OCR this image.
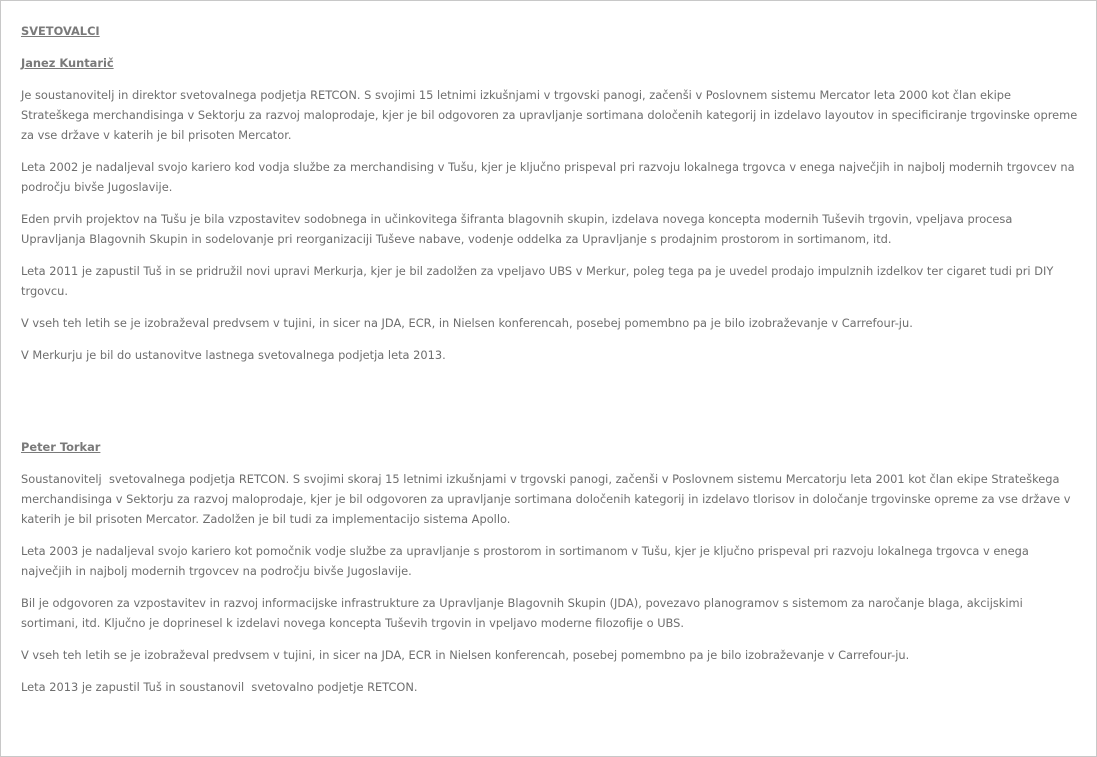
SVETOVALCI

Janez Kuntarič

Je soustanovitelj in direktor svetovalnega podjetja RETCON. S svojimi 15 letnimi izkušnjami v trgovski panogi, začenši v Poslovnem sistemu Mercator leta 2000 kot član ekipe Strateškega merchandisinga v Sektorju za razvoj maloprodaje, kjer je bil odgovoren za upravljanje sortimana določenih kategorij in izdelavo layoutov in specificiranje trgovinske opreme za vse države v katerih je bil prisoten Mercator.

Leta 2002 je nadaljeval svojo kariero kod vodja službe za merchandising v Tušu, kjer je ključno prispeval pri razvoju lokalnega trgovca v enega največjih in najbolj modernih trgovcev na področju bivše Jugoslavije.

Eden prvih projektov na Tušu je bila vzpostavitev sodobnega in učinkovitega šifranta blagovnih skupin, izdelava novega koncepta modernih Tuševih trgovin, vpeljava procesa Upravljanja Blagovnih Skupin in sodelovanje pri reorganizaciji Tuševe nabave, vodenje oddelka za Upravljanje s prodajnim prostorom in sortimanom, itd.

Leta 2011 je zapustil Tuš in se pridružil novi upravi Merkurja, kjer je bil zadolžen za vpeljavo UBS v Merkur, poleg tega pa je uvedel prodajo impulznih izdelkov ter cigaret tudi pri DIY trgovcu.

V vseh teh letih se je izobraževal predvsem v tujini, in sicer na JDA, ECR, in Nielsen konferencah, posebej pomembno pa je bilo izobraževanje v Carrefour-ju.

V Merkurju je bil do ustanovitve lastnega svetovalnega podjetja leta 2013.

Peter Torkar

Soustanovitelj  svetovalnega podjetja RETCON. S svojimi skoraj 15 letnimi izkušnjami v trgovski panogi, začenši v Poslovnem sistemu Mercatorju leta 2001 kot član ekipe Strateškega merchandisinga v Sektorju za razvoj maloprodaje, kjer je bil odgovoren za upravljanje sortimana določenih kategorij in izdelavo tlorisov in določanje trgovinske opreme za vse države v katerih je bil prisoten Mercator. Zadolžen je bil tudi za implementacijo sistema Apollo.

Leta 2003 je nadaljeval svojo kariero kot pomočnik vodje službe za upravljanje s prostorom in sortimanom v Tušu, kjer je ključno prispeval pri razvoju lokalnega trgovca v enega največjih in najbolj modernih trgovcev na področju bivše Jugoslavije.

Bil je odgovoren za vzpostavitev in razvoj informacijske infrastrukture za Upravljanje Blagovnih Skupin (JDA), povezavo planogramov s sistemom za naročanje blaga, akcijskimi sortimani, itd. Ključno je doprinesel k izdelavi novega koncepta Tuševih trgovin in vpeljavo moderne filozofije o UBS.

V vseh teh letih se je izobraževal predvsem v tujini, in sicer na JDA, ECR in Nielsen konferencah, posebej pomembno pa je bilo izobraževanje v Carrefour-ju.

Leta 2013 je zapustil Tuš in soustanovil  svetovalno podjetje RETCON.
